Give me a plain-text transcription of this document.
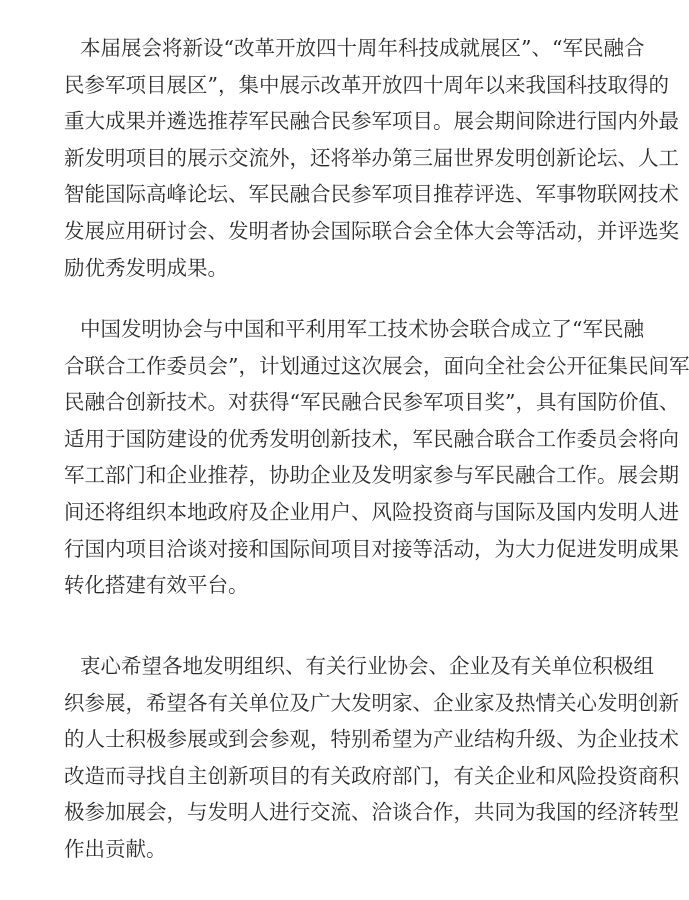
本届展会将新设“改革开放四十周年科技成就展区”、“军民融合
民参军项目展区”，集中展示改革开放四十周年以来我国科技取得的
重大成果并遴选推荐军民融合民参军项目。展会期间除进行国内外最
新发明项目的展示交流外，还将举办第三届世界发明创新论坛、人工
智能国际高峰论坛、军民融合民参军项目推荐评选、军事物联网技术
发展应用研讨会、发明者协会国际联合会全体大会等活动，并评选奖
励优秀发明成果。

中国发明协会与中国和平利用军工技术协会联合成立了“军民融
合联合工作委员会”，计划通过这次展会，面向全社会公开征集民间军
民融合创新技术。对获得“军民融合民参军项目奖”，具有国防价值、
适用于国防建设的优秀发明创新技术，军民融合联合工作委员会将向
军工部门和企业推荐，协助企业及发明家参与军民融合工作。展会期
间还将组织本地政府及企业用户、风险投资商与国际及国内发明人进
行国内项目洽谈对接和国际间项目对接等活动，为大力促进发明成果
转化搭建有效平台。

衷心希望各地发明组织、有关行业协会、企业及有关单位积极组
织参展，希望各有关单位及广大发明家、企业家及热情关心发明创新
的人士积极参展或到会参观，特别希望为产业结构升级、为企业技术
改造而寻找自主创新项目的有关政府部门，有关企业和风险投资商积
极参加展会，与发明人进行交流、洽谈合作，共同为我国的经济转型
作出贡献。
